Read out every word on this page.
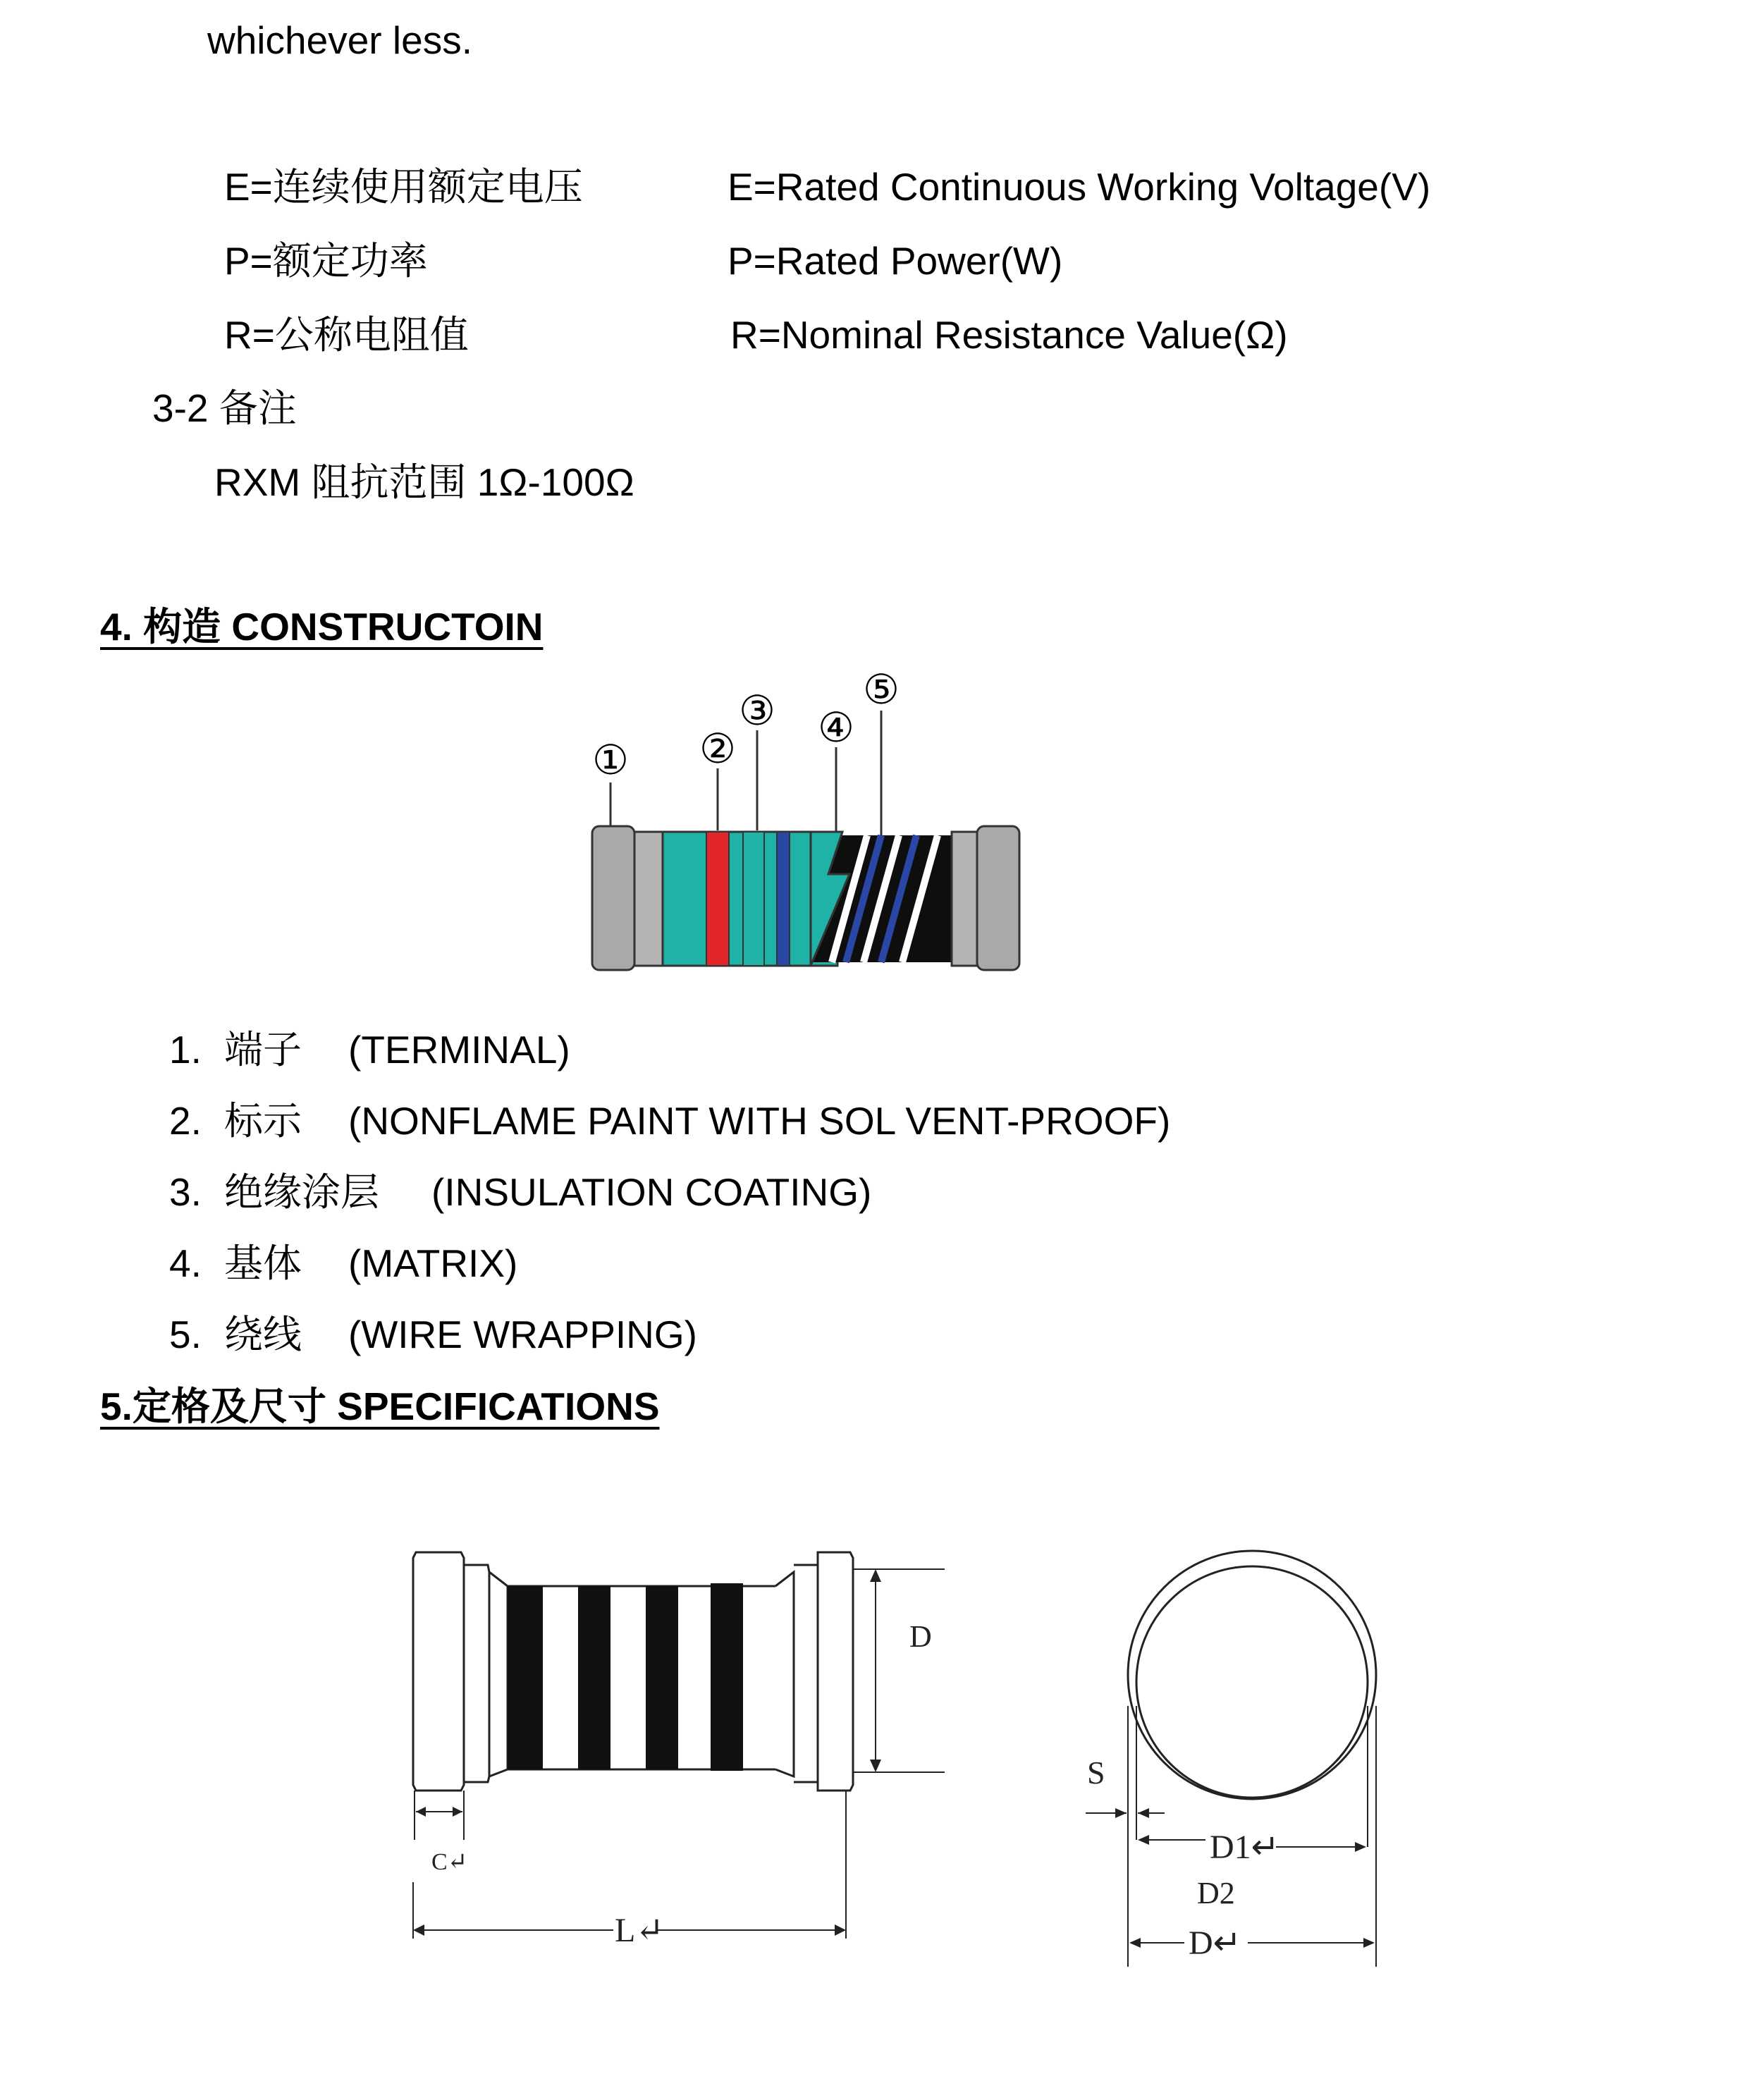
whichever less.
E=连续使用额定电压	E=Rated Continuous Working Voltage(V)
P=额定功率	P=Rated Power(W)
R=公称电阻值	R=Nominal Resistance Value(Ω)
3-2 备注
RXM 阻抗范围 1Ω-100Ω
4. 构造 CONSTRUCTOIN
① ②
③ ④
⑤
1. 端子 (TERMINAL)
2. 标示 (NONFLAME PAINT WITH SOL VENT-PROOF)
3. 绝缘涂层 (INSULATION COATING)
4. 基体 (MATRIX)
5. 绕线 (WIRE WRAPPING)
5.定格及尺寸 SPECIFICATIONS
D
C↵
L↵
S
D1↵
D2
D↵
